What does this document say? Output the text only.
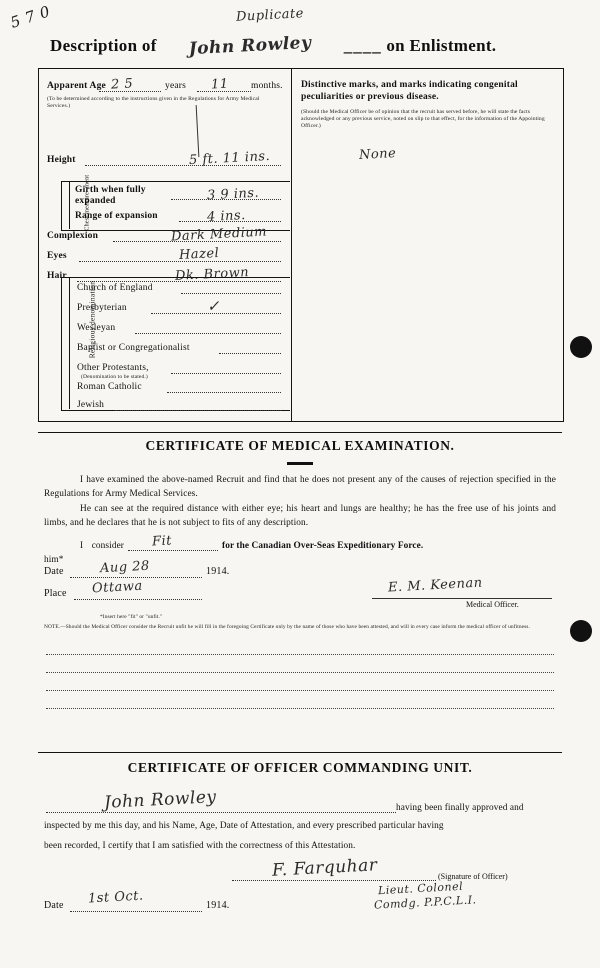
5 7 0	Duplicate
Description of John Rowley ____ on Enlistment.
Apparent Age 2 5	years 11 months.
(To be determined according to the instructions given in the Regulations for Army Medical Services.)
Height	5 ft. 11 ins.
Chest measure- ment
Girth when fully expanded	3 9 ins.
Range of expansion	4 ins.
Complexion	Dark Medium
Eyes	Hazel
Hair	Dk. Brown
Religious denomination
Church of England
Presbyterian	✓
Wesleyan
Baptist or Congregationalist
Other Protestants,
(Denomination to be stated.)
Roman Catholic
Jewish
Distinctive marks, and marks indicating congenital peculiarities or previous disease.
(Should the Medical Officer be of opinion that the recruit has served before, he will state the facts acknowledged or any previous service, noted on slip to that effect, for the information of the Appointing Officer.)
None
CERTIFICATE OF MEDICAL EXAMINATION.
I have examined the above-named Recruit and find that he does not present any of the causes of rejection specified in the Regulations for Army Medical Services.
He can see at the required distance with either eye; his heart and lungs are healthy; he has the free use of his joints and limbs, and he declares that he is not subject to fits of any description.
I consider him*
Fit	for the Canadian Over-Seas Expeditionary Force.
Date	Aug 28	1914.
Place Ottawa	E. M. Keenan
Medical Officer.
*Insert here "fit" or "unfit."
NOTE.—Should the Medical Officer consider the Recruit unfit he will fill in the foregoing Certificate only by the name of those who have been attested, and will in every case inform the medical officer of unfitness.
CERTIFICATE OF OFFICER COMMANDING UNIT.
John Rowley	having been finally approved and
inspected by me this day, and his Name, Age, Date of Attestation, and every prescribed particular having
been recorded, I certify that I am satisfied with the correctness of this Attestation.
F. Farquhar	(Signature of Officer)
Lieut. Colonel
Comdg. P.P.C.L.I.
Date 1st Oct.	1914.
